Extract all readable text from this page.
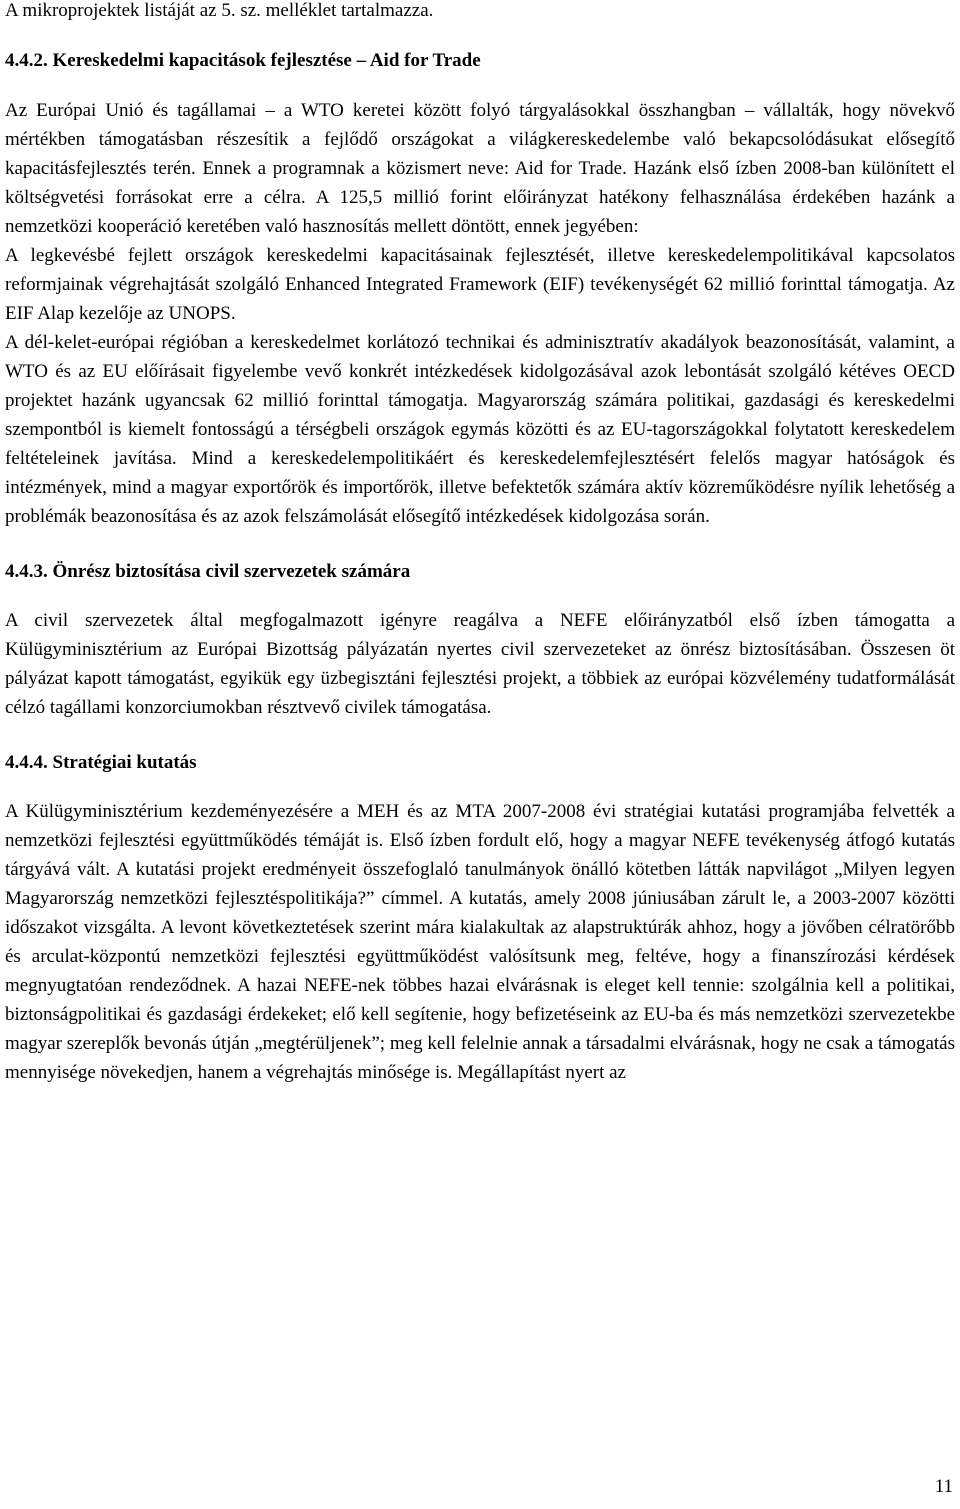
A mikroprojektek listáját az 5. sz. melléklet tartalmazza.

4.4.2. Kereskedelmi kapacitások fejlesztése – Aid for Trade

Az Európai Unió és tagállamai – a WTO keretei között folyó tárgyalásokkal összhangban – vállalták, hogy növekvő mértékben támogatásban részesítik a fejlődő országokat a világkereskedelembe való bekapcsolódásukat elősegítő kapacitásfejlesztés terén. Ennek a programnak a közismert neve: Aid for Trade. Hazánk első ízben 2008-ban különített el költségvetési forrásokat erre a célra. A 125,5 millió forint előirányzat hatékony felhasználása érdekében hazánk a nemzetközi kooperáció keretében való hasznosítás mellett döntött, ennek jegyében:

A legkevésbé fejlett országok kereskedelmi kapacitásainak fejlesztését, illetve kereskedelempolitikával kapcsolatos reformjainak végrehajtását szolgáló Enhanced Integrated Framework (EIF) tevékenységét 62 millió forinttal támogatja. Az EIF Alap kezelője az UNOPS.

A dél-kelet-európai régióban a kereskedelmet korlátozó technikai és adminisztratív akadályok beazonosítását, valamint, a WTO és az EU előírásait figyelembe vevő konkrét intézkedések kidolgozásával azok lebontását szolgáló kétéves OECD projektet hazánk ugyancsak 62 millió forinttal támogatja. Magyarország számára politikai, gazdasági és kereskedelmi szempontból is kiemelt fontosságú a térségbeli országok egymás közötti és az EU-tagországokkal folytatott kereskedelem feltételeinek javítása. Mind a kereskedelempolitikáért és kereskedelemfejlesztésért felelős magyar hatóságok és intézmények, mind a magyar exportőrök és importőrök, illetve befektetők számára aktív közreműködésre nyílik lehetőség a problémák beazonosítása és az azok felszámolását elősegítő intézkedések kidolgozása során.

4.4.3. Önrész biztosítása civil szervezetek számára

A civil szervezetek által megfogalmazott igényre reagálva a NEFE előirányzatból első ízben támogatta a Külügyminisztérium az Európai Bizottság pályázatán nyertes civil szervezeteket az önrész biztosításában. Összesen öt pályázat kapott támogatást, egyikük egy üzbegisztáni fejlesztési projekt, a többiek az európai közvélemény tudatformálását célzó tagállami konzorciumokban résztvevő civilek támogatása.

4.4.4. Stratégiai kutatás

A Külügyminisztérium kezdeményezésére a MEH és az MTA 2007-2008 évi stratégiai kutatási programjába felvették a nemzetközi fejlesztési együttműködés témáját is. Első ízben fordult elő, hogy a magyar NEFE tevékenység átfogó kutatás tárgyává vált. A kutatási projekt eredményeit összefoglaló tanulmányok önálló kötetben látták napvilágot „Milyen legyen Magyarország nemzetközi fejlesztéspolitikája?” címmel. A kutatás, amely 2008 júniusában zárult le, a 2003-2007 közötti időszakot vizsgálta. A levont következtetések szerint mára kialakultak az alapstruktúrák ahhoz, hogy a jövőben célratörőbb és arculat-központú nemzetközi fejlesztési együttműködést valósítsunk meg, feltéve, hogy a finanszírozási kérdések megnyugtatóan rendeződnek. A hazai NEFE-nek többes hazai elvárásnak is eleget kell tennie: szolgálnia kell a politikai, biztonságpolitikai és gazdasági érdekeket; elő kell segítenie, hogy befizetéseink az EU-ba és más nemzetközi szervezetekbe magyar szereplők bevonás útján „megtérüljenek”; meg kell felelnie annak a társadalmi elvárásnak, hogy ne csak a támogatás mennyisége növekedjen, hanem a végrehajtás minősége is. Megállapítást nyert az

11
